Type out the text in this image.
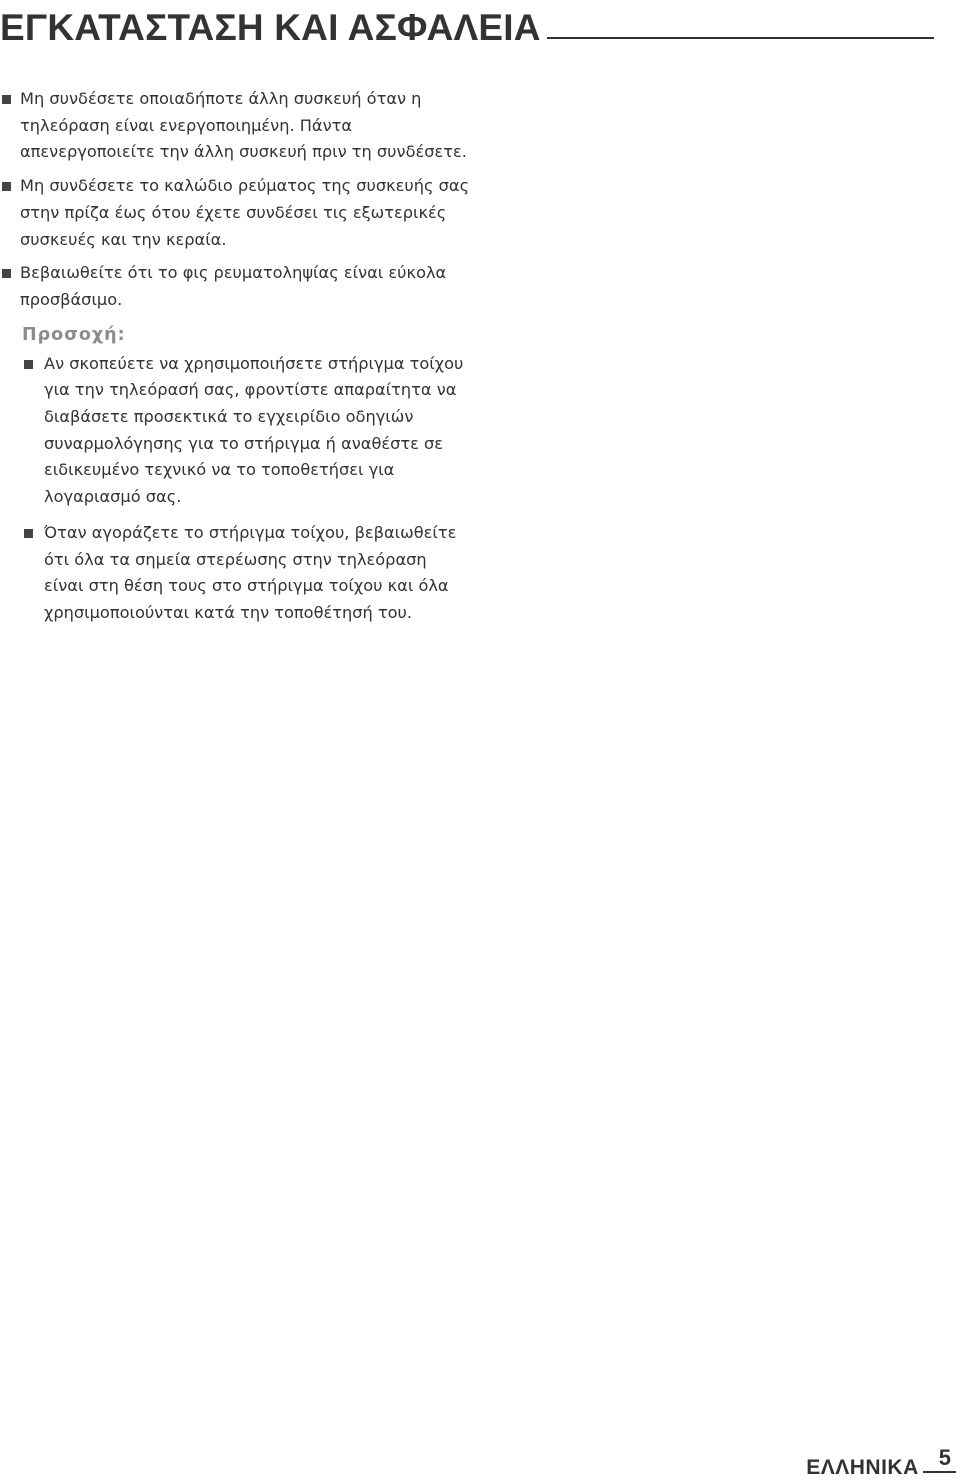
ΕΓΚΑΤΑΣΤΑΣΗ ΚΑΙ ΑΣΦΑΛΕΙΑ
Μη συνδέσετε οποιαδήποτε άλλη συσκευή όταν η τηλεόραση είναι ενεργοποιημένη. Πάντα απενεργοποιείτε την άλλη συσκευή πριν τη συνδέσετε.
Μη συνδέσετε το καλώδιο ρεύματος της συσκευής σας στην πρίζα έως ότου έχετε συνδέσει τις εξωτερικές συσκευές και την κεραία.
Βεβαιωθείτε ότι το φις ρευματοληψίας είναι εύκολα προσβάσιμο.
Προσοχή:
Αν σκοπεύετε να χρησιμοποιήσετε στήριγμα τοίχου για την τηλεόρασή σας, φροντίστε απαραίτητα να διαβάσετε προσεκτικά το εγχειρίδιο οδηγιών συναρμολόγησης για το στήριγμα ή αναθέστε σε ειδικευμένο τεχνικό να το τοποθετήσει για λογαριασμό σας.
Όταν αγοράζετε το στήριγμα τοίχου, βεβαιωθείτε ότι όλα τα σημεία στερέωσης στην τηλεόραση είναι στη θέση τους στο στήριγμα τοίχου και όλα χρησιμοποιούνται κατά την τοποθέτησή του.
ΕΛΛΗΝΙΚΑ 5
